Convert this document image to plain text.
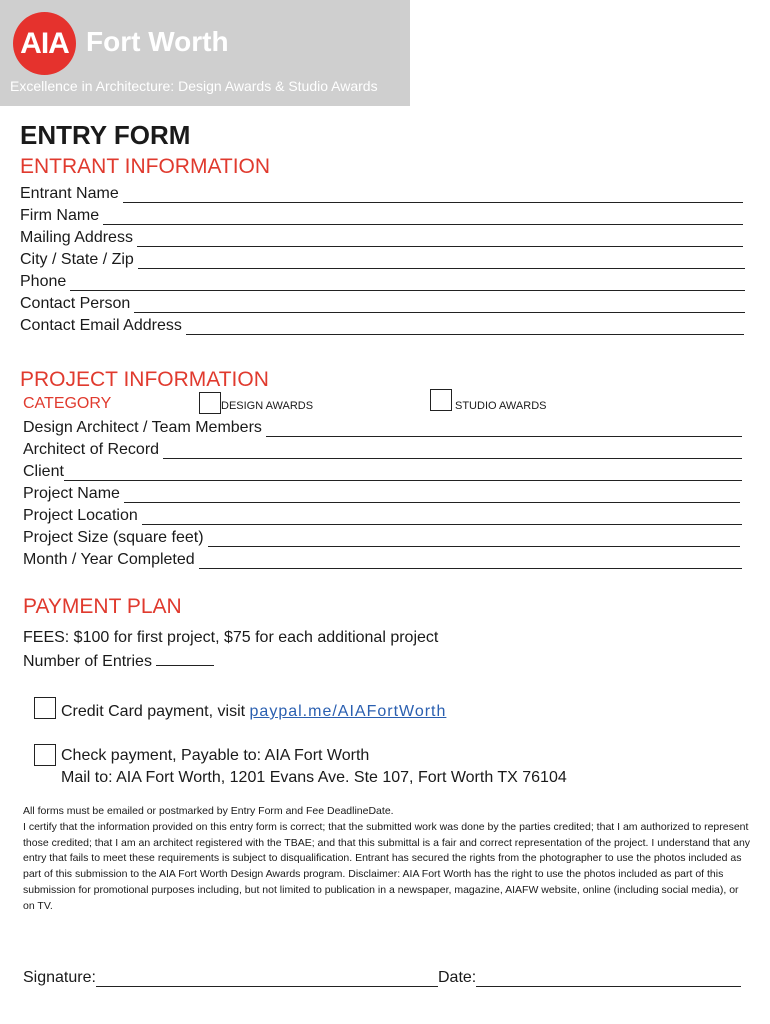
AIA Fort Worth
Excellence in Architecture: Design Awards & Studio Awards
ENTRY FORM
ENTRANT INFORMATION
Entrant Name
Firm Name
Mailing Address
City / State / Zip
Phone
Contact Person
Contact Email Address
PROJECT INFORMATION
CATEGORY	DESIGN AWARDS	STUDIO AWARDS
Design Architect / Team Members
Architect of Record
Client
Project Name
Project Location
Project Size (square feet)
Month / Year Completed
PAYMENT PLAN
FEES: $100 for first project, $75 for each additional project
Number of Entries
Credit Card payment, visit paypal.me/AIAFortWorth
Check payment, Payable to: AIA Fort Worth
Mail to: AIA Fort Worth, 1201 Evans Ave. Ste 107, Fort Worth TX 76104

All forms must be emailed or postmarked by Entry Form and Fee DeadlineDate.

I certify that the information provided on this entry form is correct; that the submitted work was done by the parties credited; that I am authorized to represent those credited; that I am an architect registered with the TBAE; and that this submittal is a fair and correct representation of the project. I understand that any entry that fails to meet these requirements is subject to disqualification. Entrant has secured the rights from the photographer to use the photos included as part of this submission to the AIA Fort Worth Design Awards program. Disclaimer: AIA Fort Worth has the right to use the photos included as part of this submission for promotional purposes including, but not limited to publication in a newspaper, magazine, AIAFW website, online (including social media), or on TV.

Signature:	Date:
